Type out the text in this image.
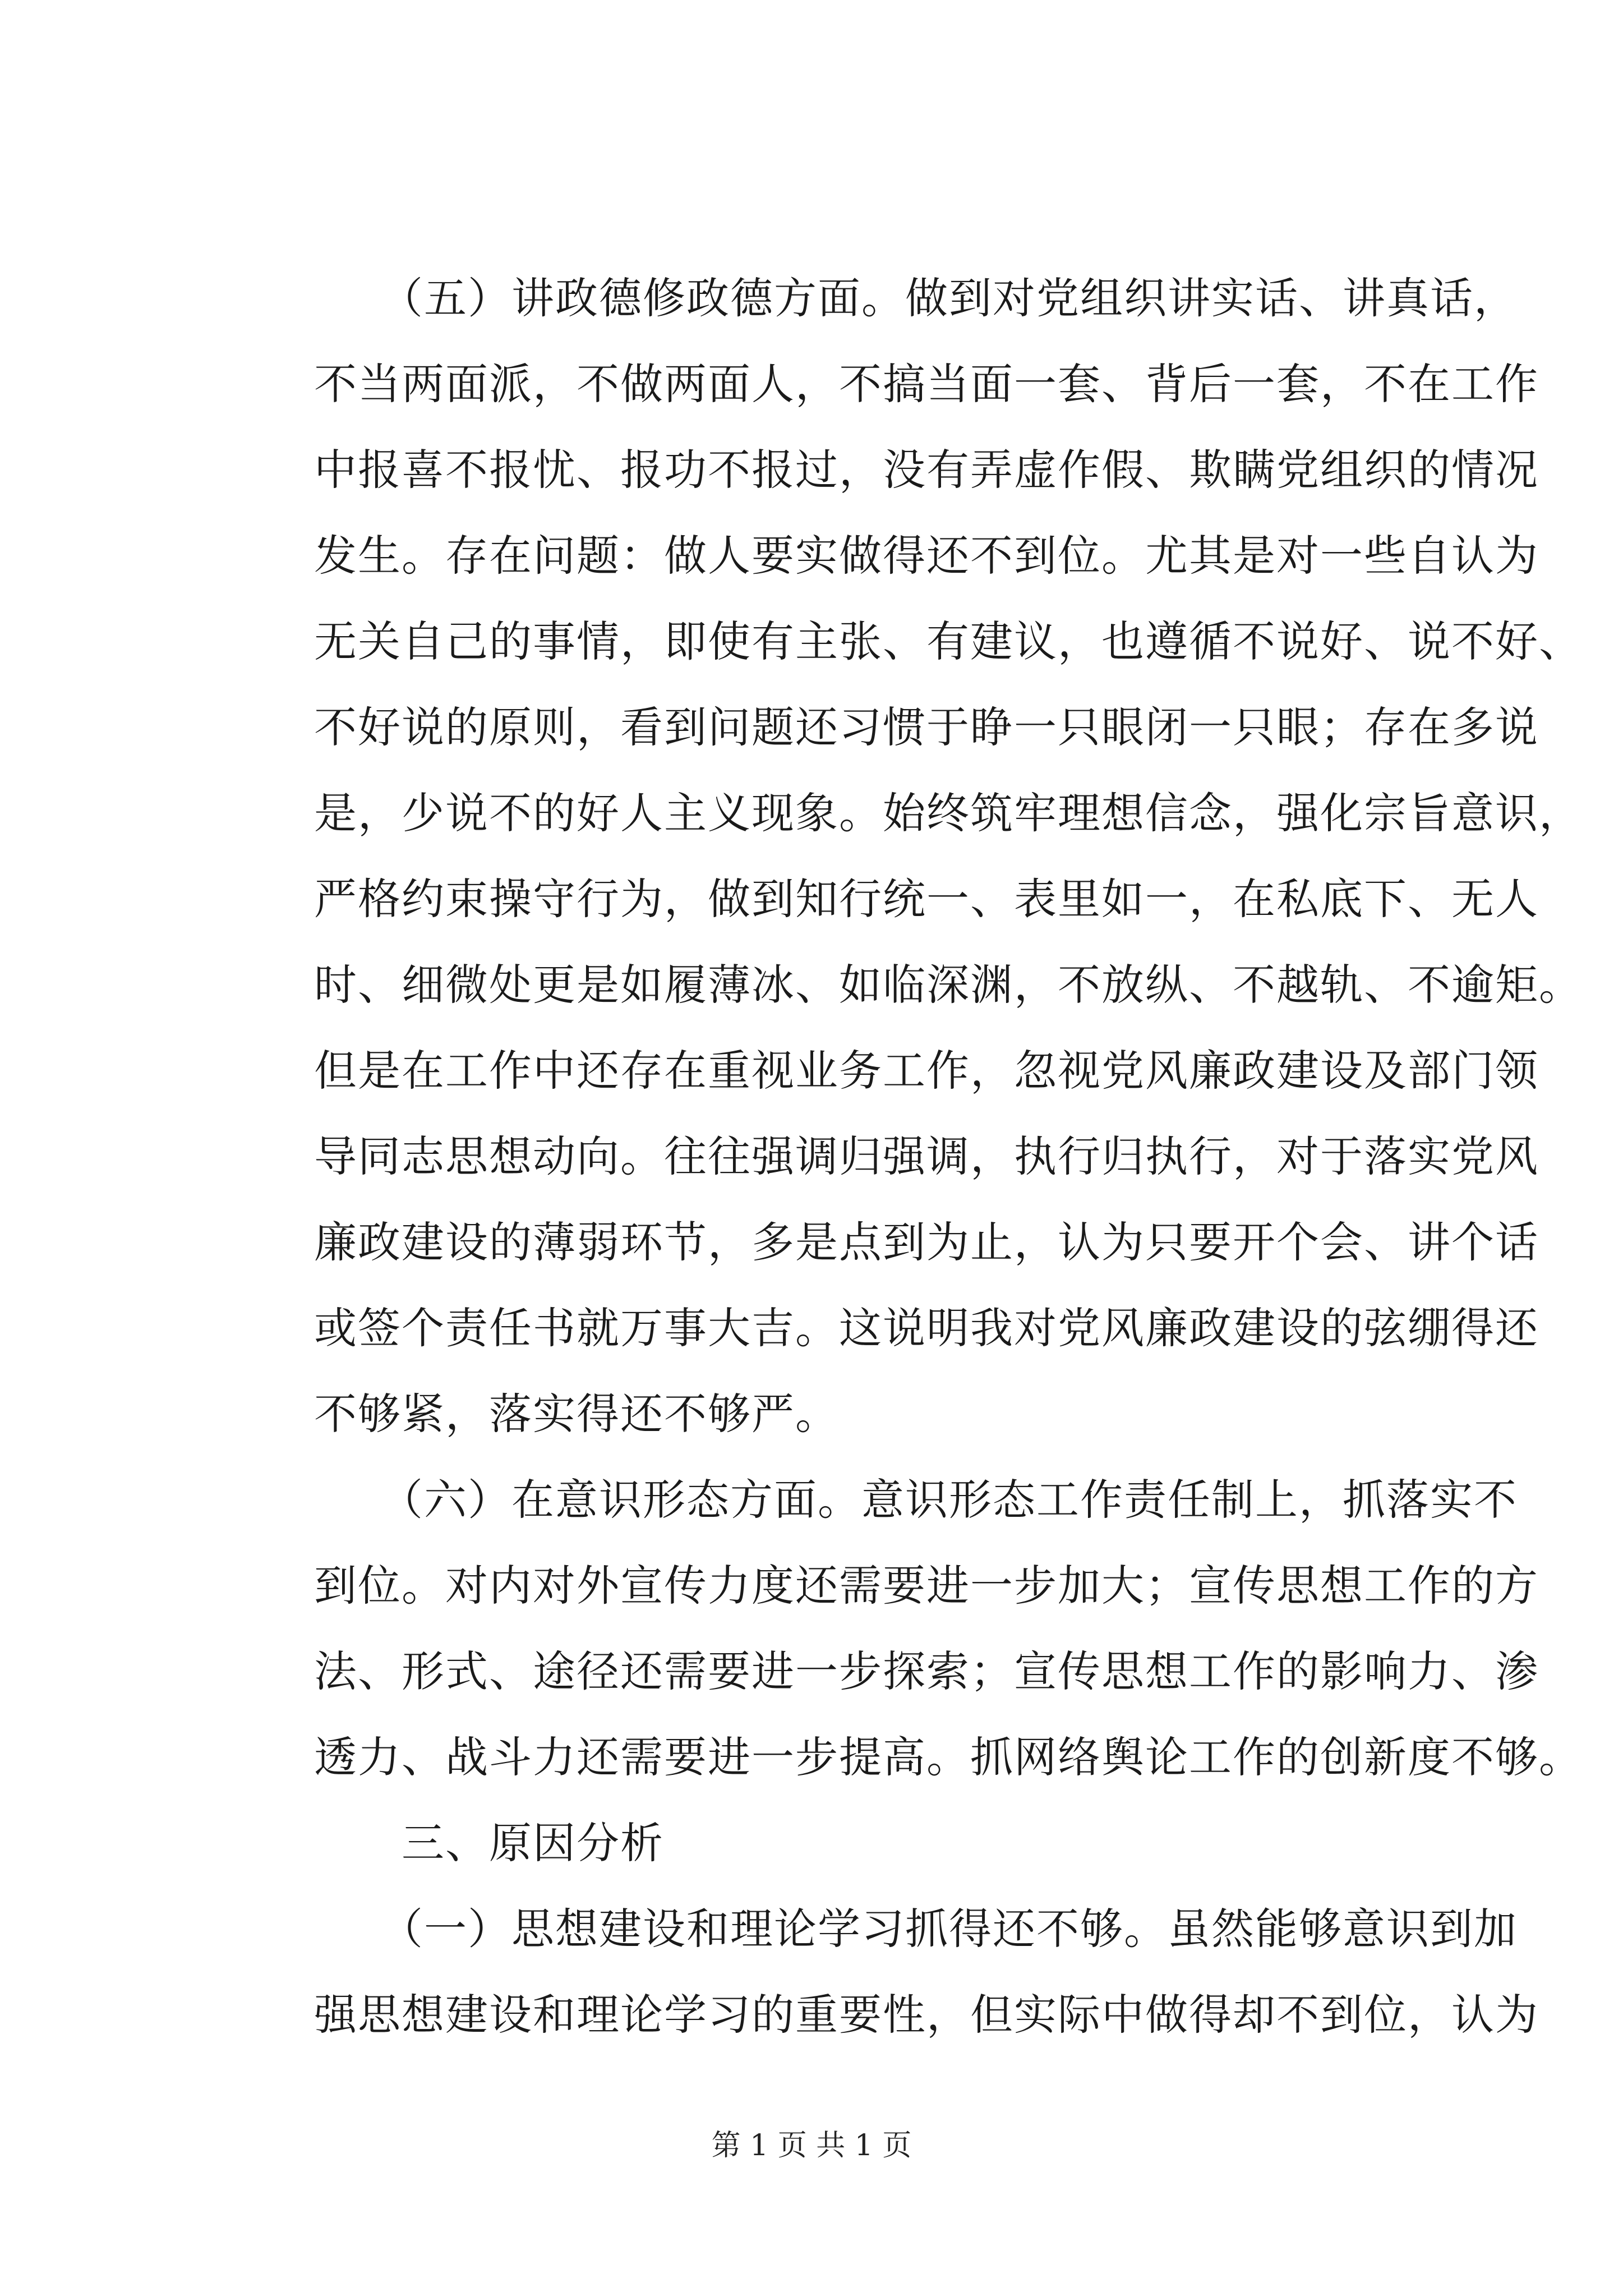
　　（五）讲政德修政德方面。做到对党组织讲实话、讲真话，
不当两面派，不做两面人，不搞当面一套、背后一套，不在工作
中报喜不报忧、报功不报过，没有弄虚作假、欺瞒党组织的情况
发生。存在问题：做人要实做得还不到位。尤其是对一些自认为
无关自己的事情，即使有主张、有建议，也遵循不说好、说不好、
不好说的原则，看到问题还习惯于睁一只眼闭一只眼；存在多说
是，少说不的好人主义现象。始终筑牢理想信念，强化宗旨意识，
严格约束操守行为，做到知行统一、表里如一，在私底下、无人
时、细微处更是如履薄冰、如临深渊，不放纵、不越轨、不逾矩。
但是在工作中还存在重视业务工作，忽视党风廉政建设及部门领
导同志思想动向。往往强调归强调，执行归执行，对于落实党风
廉政建设的薄弱环节，多是点到为止，认为只要开个会、讲个话
或签个责任书就万事大吉。这说明我对党风廉政建设的弦绷得还
不够紧，落实得还不够严。
　　（六）在意识形态方面。意识形态工作责任制上，抓落实不
到位。对内对外宣传力度还需要进一步加大；宣传思想工作的方
法、形式、途径还需要进一步探索；宣传思想工作的影响力、渗
透力、战斗力还需要进一步提高。抓网络舆论工作的创新度不够。
　　三、原因分析
　　（一）思想建设和理论学习抓得还不够。虽然能够意识到加
强思想建设和理论学习的重要性，但实际中做得却不到位，认为
第 1 页 共 1 页
